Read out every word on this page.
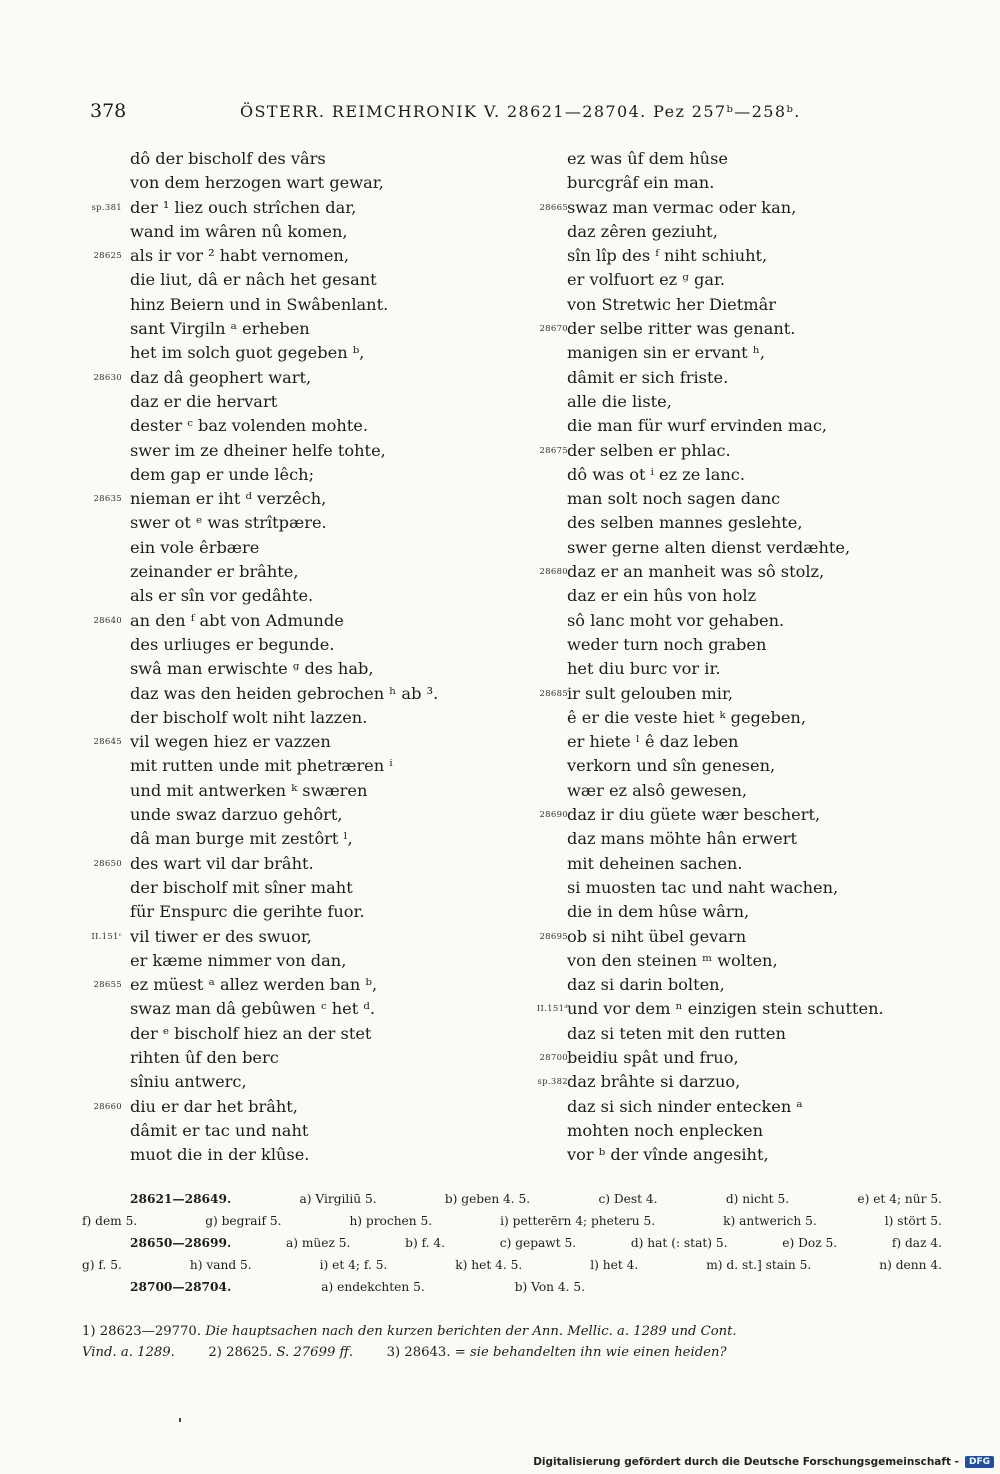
378	ÖSTERR. REIMCHRONIK V. 28621—28704. Pez 257ᵇ—258ᵇ.
dô der bischolf des vârs
von dem herzogen wart gewar,
sp.381 der ¹ liez ouch strîchen dar,
wand im wâren nû komen,
28625 als ir vor ² habt vernomen,
die liut, dâ er nâch het gesant
hinz Beiern und in Swâbenlant.
sant Virgiln ᵃ erheben
het im solch guot gegeben ᵇ,
28630 daz dâ geophert wart,
daz er die hervart
dester ᶜ baz volenden mohte.
swer im ze dheiner helfe tohte,
dem gap er unde lêch;
28635 nieman er iht ᵈ verzêch,
swer ot ᵉ was strîtpære.
ein vole êrbære
zeinander er brâhte,
als er sîn vor gedâhte.
28640 an den ᶠ abt von Admunde
des urliuges er begunde.
swâ man erwischte ᵍ des hab,
daz was den heiden gebrochen ʰ ab ³.
der bischolf wolt niht lazzen.
28645 vil wegen hiez er vazzen
mit rutten unde mit phetræren ⁱ
und mit antwerken ᵏ swæren
unde swaz darzuo gehôrt,
dâ man burge mit zestôrt ˡ,
28650 des wart vil dar brâht.
der bischolf mit sîner maht
für Enspurc die gerihte fuor.
II.151ᶜ vil tiwer er des swuor,
er kæme nimmer von dan,
28655 ez müest ᵃ allez werden ban ᵇ,
swaz man dâ gebûwen ᶜ het ᵈ.
der ᵉ bischolf hiez an der stet
rihten ûf den berc
sîniu antwerc,
28660 diu er dar het brâht,
dâmit er tac und naht
muot die in der klûse.
ez was ûf dem hûse
burcgrâf ein man.
28665 swaz man vermac oder kan,
daz zêren geziuht,
sîn lîp des ᶠ niht schiuht,
er volfuort ez ᵍ gar.
von Stretwic her Dietmâr
28670 der selbe ritter was genant.
manigen sin er ervant ʰ,
dâmit er sich friste.
alle die liste,
die man für wurf ervinden mac,
28675 der selben er phlac.
dô was ot ⁱ ez ze lanc.
man solt noch sagen danc
des selben mannes geslehte,
swer gerne alten dienst verdæhte,
28680 daz er an manheit was sô stolz,
daz er ein hûs von holz
sô lanc moht vor gehaben.
weder turn noch graben
het diu burc vor ir.
28685 ir sult gelouben mir,
ê er die veste hiet ᵏ gegeben,
er hiete ˡ ê daz leben
verkorn und sîn genesen,
wær ez alsô gewesen,
28690 daz ir diu güete wær beschert,
daz mans möhte hân erwert
mit deheinen sachen.
si muosten tac und naht wachen,
die in dem hûse wârn,
28695 ob si niht übel gevarn
von den steinen ᵐ wolten,
daz si darin bolten,
II.151ᵈ und vor dem ⁿ einzigen stein schutten.
daz si teten mit den rutten
28700 beidiu spât und fruo,
sp.382 daz brâhte si darzuo,
daz si sich ninder entecken ᵃ
mohten noch enplecken
vor ᵇ der vînde angesiht,
28621—28649.	a) Virgiliū 5.	b) geben 4. 5.	c) Dest 4.	d) nicht 5.	e) et 4; nür 5.
f) dem 5.	g) begraif 5.	h) prochen 5.	i) petterērn 4; pheteru 5.	k) antwerich 5.	l) stört 5.
28650—28699.	a) müez 5.	b) f. 4.	c) gepawt 5.	d) hat (: stat) 5.	e) Doz 5.	f) daz 4.
g) f. 5.	h) vand 5.	i) et 4; f. 5.	k) het 4. 5.	l) het 4.	m) d. st.] stain 5.	n) denn 4.
28700—28704.	a) endekchten 5.	b) Von 4. 5.
1) 28623—29770. Die hauptsachen nach den kurzen berichten der Ann. Mellic. a. 1289 und Cont.
Vind. a. 1289.	2) 28625. S. 27699 ff.	3) 28643. = sie behandelten ihn wie einen heiden?
Digitalisierung gefördert durch die Deutsche Forschungsgemeinschaft -	DFG
